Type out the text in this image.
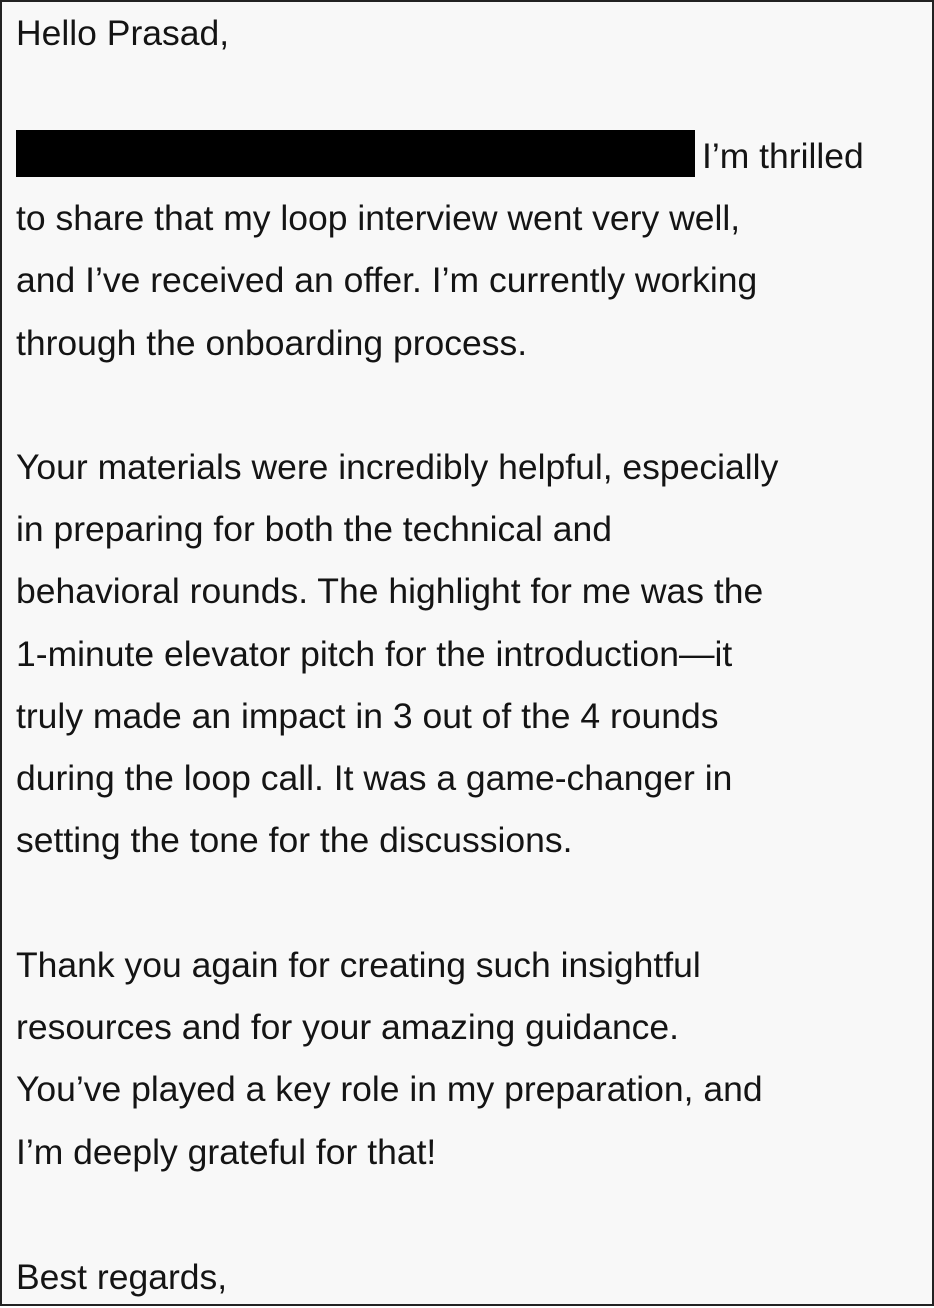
Hello Prasad,
I’m thrilled
to share that my loop interview went very well,
and I’ve received an offer. I’m currently working
through the onboarding process.
Your materials were incredibly helpful, especially
in preparing for both the technical and
behavioral rounds. The highlight for me was the
1-minute elevator pitch for the introduction—it
truly made an impact in 3 out of the 4 rounds
during the loop call. It was a game-changer in
setting the tone for the discussions.
Thank you again for creating such insightful
resources and for your amazing guidance.
You’ve played a key role in my preparation, and
I’m deeply grateful for that!
Best regards,
